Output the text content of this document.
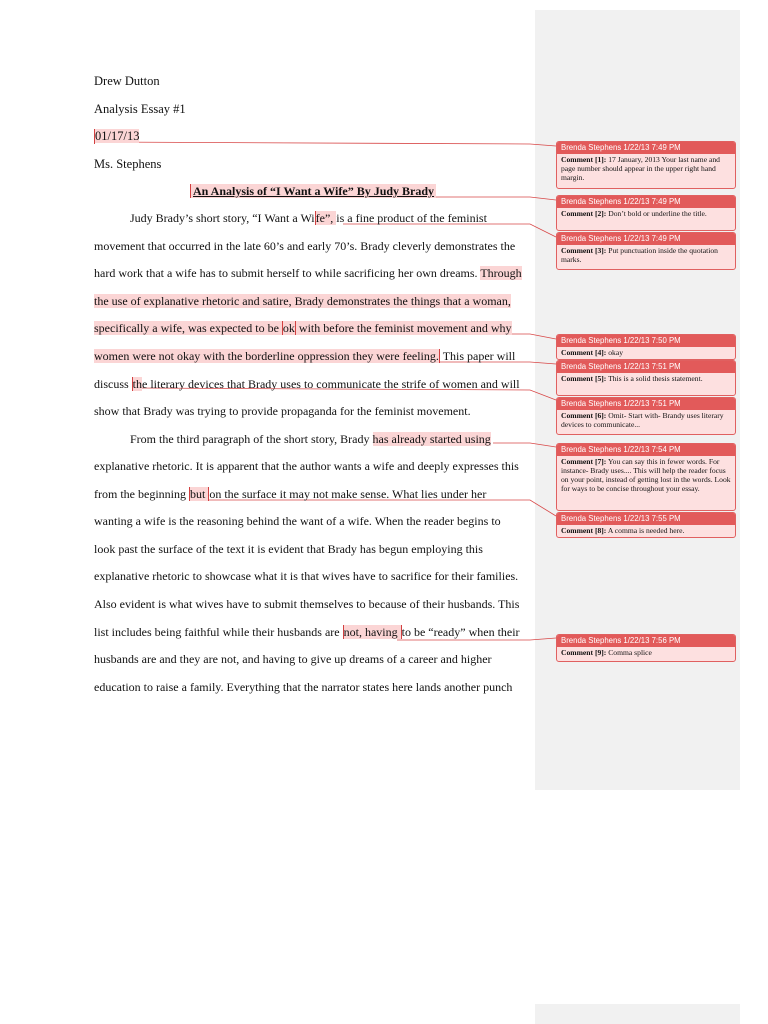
Drew Dutton
Analysis Essay #1
01/17/13
Ms. Stephens
An Analysis of “I Want a Wife” By Judy Brady
Judy Brady’s short story, “I Want a Wife”, is a fine product of the feminist
movement that occurred in the late 60’s and early 70’s. Brady cleverly demonstrates the
hard work that a wife has to submit herself to while sacrificing her own dreams. Through
the use of explanative rhetoric and satire, Brady demonstrates the things that a woman,
specifically a wife, was expected to be ok with before the feminist movement and why
women were not okay with the borderline oppression they were feeling. This paper will
discuss the literary devices that Brady uses to communicate the strife of women and will
show that Brady was trying to provide propaganda for the feminist movement.
From the third paragraph of the short story, Brady has already started using
explanative rhetoric. It is apparent that the author wants a wife and deeply expresses this
from the beginning but on the surface it may not make sense. What lies under her
wanting a wife is the reasoning behind the want of a wife. When the reader begins to
look past the surface of the text it is evident that Brady has begun employing this
explanative rhetoric to showcase what it is that wives have to sacrifice for their families.
Also evident is what wives have to submit themselves to because of their husbands. This
list includes being faithful while their husbands are not, having to be “ready” when their
husbands are and they are not, and having to give up dreams of a career and higher
education to raise a family. Everything that the narrator states here lands another punch
Brenda Stephens 1/22/13 7:49 PM
Comment [1]: 17 January, 2013 Your last name and page number should appear in the upper right hand margin.
Brenda Stephens 1/22/13 7:49 PM
Comment [2]: Don’t bold or underline the title.
Brenda Stephens 1/22/13 7:49 PM
Comment [3]: Put punctuation inside the quotation marks.
Brenda Stephens 1/22/13 7:50 PM
Comment [4]: okay
Brenda Stephens 1/22/13 7:51 PM
Comment [5]: This is a solid thesis statement.
Brenda Stephens 1/22/13 7:51 PM
Comment [6]: Omit- Start with- Brandy uses literary devices to communicate...
Brenda Stephens 1/22/13 7:54 PM
Comment [7]: You can say this in fewer words. For instance- Brady uses.... This will help the reader focus on your point, instead of getting lost in the words. Look for ways to be concise throughout your essay.
Brenda Stephens 1/22/13 7:55 PM
Comment [8]: A comma is needed here.
Brenda Stephens 1/22/13 7:56 PM
Comment [9]: Comma splice
